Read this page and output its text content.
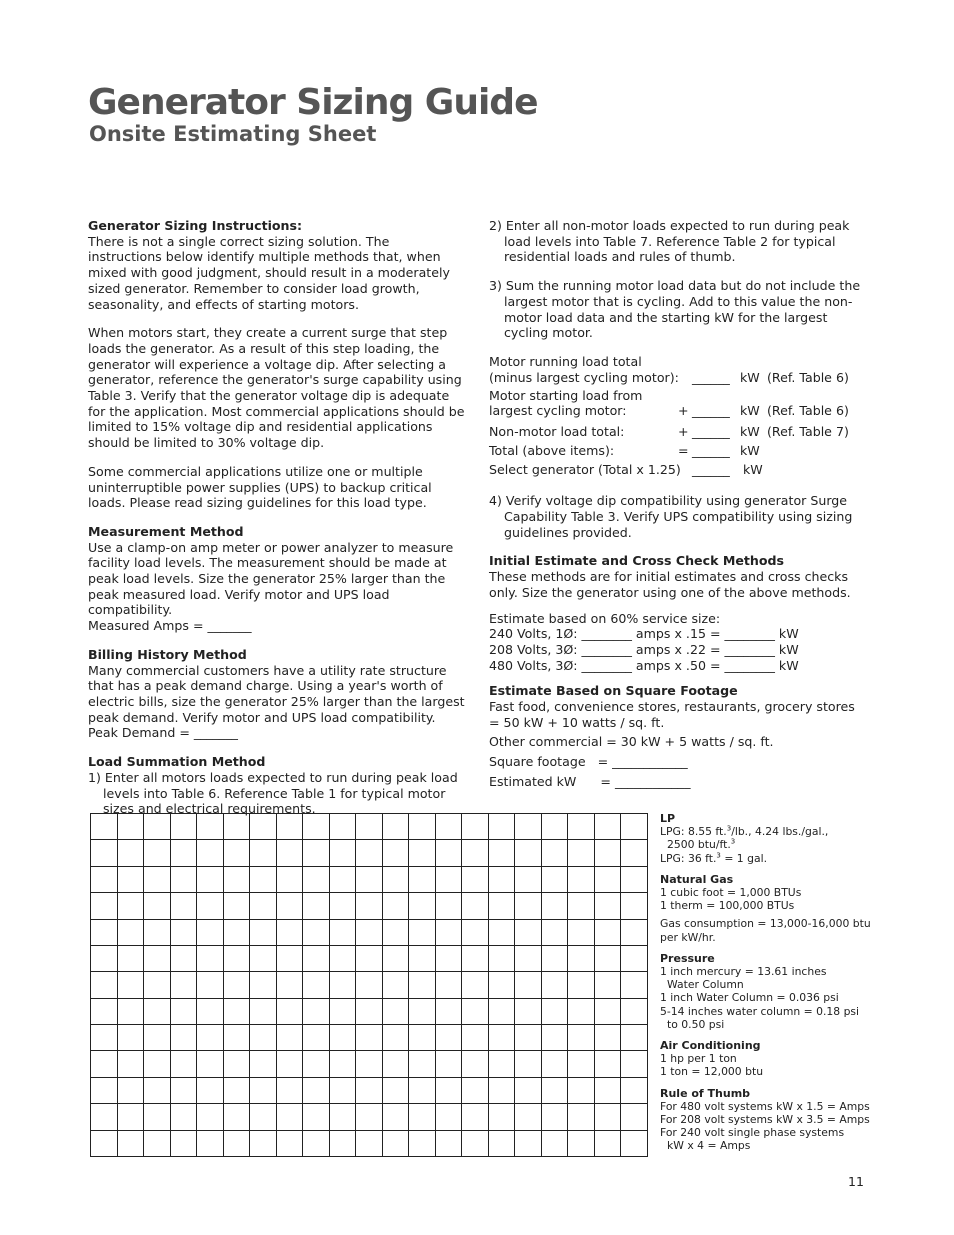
Generator Sizing Guide
Onsite Estimating Sheet

Generator Sizing Instructions:

There is not a single correct sizing solution. The instructions below identify multiple methods that, when mixed with good judgment, should result in a moderately sized generator. Remember to consider load growth, seasonality, and effects of starting motors.

When motors start, they create a current surge that step loads the generator. As a result of this step loading, the generator will experience a voltage dip. After selecting a generator, reference the generator's surge capability using Table 3. Verify that the generator voltage dip is adequate for the application. Most commercial applications should be limited to 15% voltage dip and residential applications should be limited to 30% voltage dip.

Some commercial applications utilize one or multiple uninterruptible power supplies (UPS) to backup critical loads. Please read sizing guidelines for this load type.

Measurement Method

Use a clamp-on amp meter or power analyzer to measure facility load levels. The measurement should be made at peak load levels. Size the generator 25% larger than the peak measured load. Verify motor and UPS load compatibility.

Measured Amps = _______

Billing History Method

Many commercial customers have a utility rate structure that has a peak demand charge. Using a year's worth of electric bills, size the generator 25% larger than the largest peak demand. Verify motor and UPS load compatibility.

Peak Demand = _______

Load Summation Method

1) Enter all motors loads expected to run during peak load levels into Table 6. Reference Table 1 for typical motor sizes and electrical requirements.

2) Enter all non-motor loads expected to run during peak load levels into Table 7. Reference Table 2 for typical residential loads and rules of thumb.

3) Sum the running motor load data but do not include the largest motor that is cycling. Add to this value the non-motor load data and the starting kW for the largest cycling motor.

Motor running load total

(minus largest cycling motor): ______ kW (Ref. Table 6)

Motor starting load from

largest cycling motor:	+ ______ kW (Ref. Table 6)
Non-motor load total:	+ ______ kW (Ref. Table 7)
Total (above items):	= ______ kW
Select generator (Total x 1.25) ______ kW

4) Verify voltage dip compatibility using generator Surge Capability Table 3. Verify UPS compatibility using sizing guidelines provided.

Initial Estimate and Cross Check Methods

These methods are for initial estimates and cross checks only. Size the generator using one of the above methods.

Estimate based on 60% service size:

240 Volts, 1Ø: ________ amps x .15 = ________ kW

208 Volts, 3Ø: ________ amps x .22 = ________ kW

480 Volts, 3Ø: ________ amps x .50 = ________ kW

Estimate Based on Square Footage

Fast food, convenience stores, restaurants, grocery stores = 50 kW + 10 watts / sq. ft.

Other commercial = 30 kW + 5 watts / sq. ft.

Square footage   = ____________

Estimated kW      = ____________

LP

LPG: 8.55 ft.$^3$/lb., 4.24 lbs./gal.,

2500 btu/ft.$^3$

LPG: 36 ft.$^3$ = 1 gal.

Natural Gas

1 cubic foot = 1,000 BTUs

1 therm = 100,000 BTUs

Gas consumption = 13,000-16,000 btu per kW/hr.

Pressure

1 inch mercury = 13.61 inches

Water Column

1 inch Water Column = 0.036 psi

5-14 inches water column = 0.18 psi

to 0.50 psi

Air Conditioning

1 hp per 1 ton

1 ton = 12,000 btu

Rule of Thumb

For 480 volt systems kW x 1.5 = Amps

For 208 volt systems kW x 3.5 = Amps

For 240 volt single phase systems

kW x 4 = Amps

11
